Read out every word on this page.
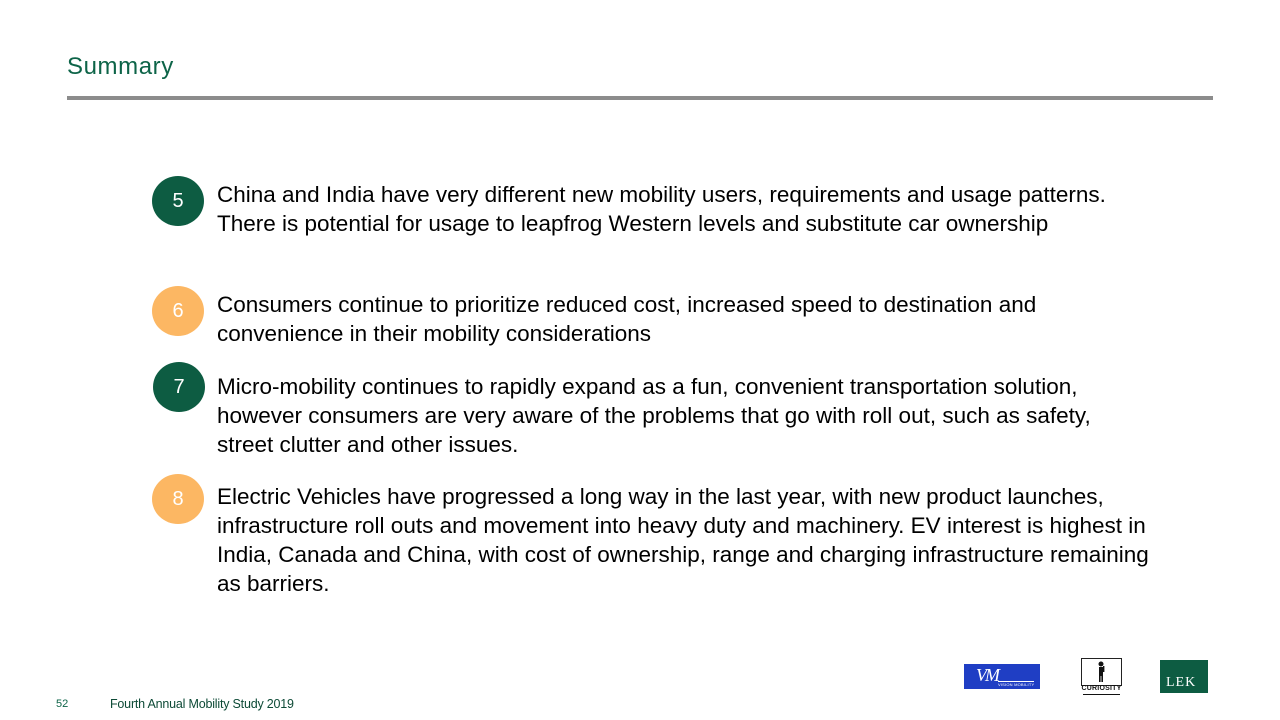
Summary
5	China and India have very different new mobility users, requirements and usage patterns. There is potential for usage to leapfrog Western levels and substitute car ownership
6	Consumers continue to prioritize reduced cost, increased speed to destination and convenience in their mobility considerations
7	Micro-mobility continues to rapidly expand as a fun, convenient transportation solution, however consumers are very aware of the problems that go with roll out, such as safety, street clutter and other issues.
8	Electric Vehicles have progressed a long way in the last year, with new product launches, infrastructure roll outs and movement into heavy duty and machinery. EV interest is highest in India, Canada and China, with cost of ownership, range and charging infrastructure remaining as barriers.
52	Fourth Annual Mobility Study 2019
VM VISION MOBILITY
CURIOSITY	LEK
